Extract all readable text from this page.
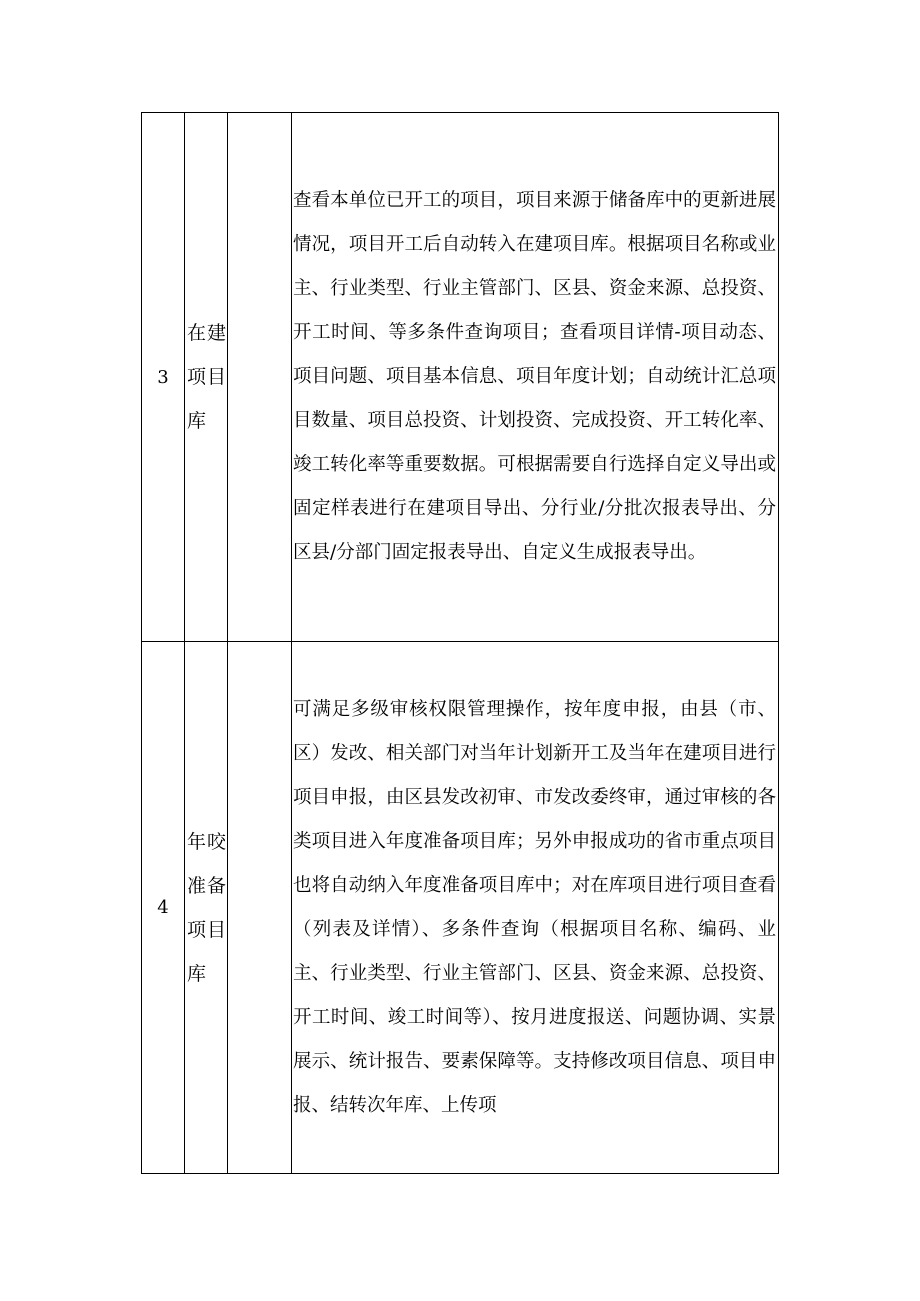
3	在建项目库		查看本单位已开工的项目，项目来源于储备库中的更新进展情况，项目开工后自动转入在建项目库。根据项目名称或业主、行业类型、行业主管部门、区县、资金来源、总投资、开工时间、等多条件查询项目；查看项目详情-项目动态、项目问题、项目基本信息、项目年度计划；自动统计汇总项目数量、项目总投资、计划投资、完成投资、开工转化率、竣工转化率等重要数据。可根据需要自行选择自定义导出或固定样表进行在建项目导出、分行业/分批次报表导出、分区县/分部门固定报表导出、自定义生成报表导出。

4	年咬准备项目库		可满足多级审核权限管理操作，按年度申报，由县（市、区）发改、相关部门对当年计划新开工及当年在建项目进行项目申报，由区县发改初审、市发改委终审，通过审核的各类项目进入年度准备项目库；另外申报成功的省市重点项目也将自动纳入年度准备项目库中；对在库项目进行项目查看（列表及详情）、多条件查询（根据项目名称、编码、业主、行业类型、行业主管部门、区县、资金来源、总投资、开工时间、竣工时间等）、按月进度报送、问题协调、实景展示、统计报告、要素保障等。支持修改项目信息、项目申报、结转次年库、上传项
